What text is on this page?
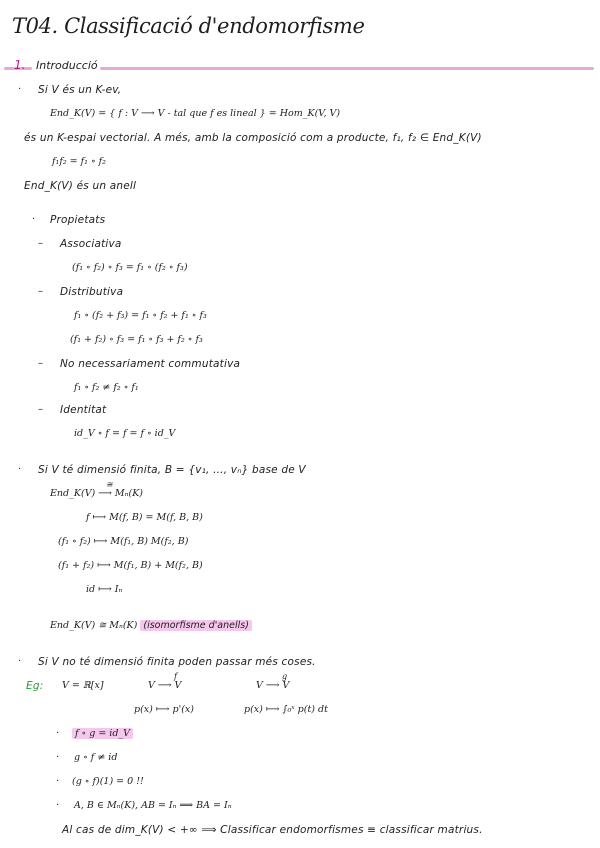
T04. Classificació d'endomorfisme
1. Introducció
· Si V és un K-ev,
End_K(V) = { f : V ⟶ V - tal que f es lineal } = Hom_K(V, V)
és un K-espai vectorial. A més, amb la composició com a producte, f₁, f₂ ∈ End_K(V)
f₁f₂ = f₁ ∘ f₂
End_K(V) és un anell
· Propietats
– Associativa
(f₁ ∘ f₂) ∘ f₃ = f₁ ∘ (f₂ ∘ f₃)
– Distributiva
f₁ ∘ (f₂ + f₃) = f₁ ∘ f₂ + f₁ ∘ f₃
(f₁ + f₂) ∘ f₃ = f₁ ∘ f₃ + f₂ ∘ f₃
– No necessariament commutativa
f₁ ∘ f₂ ≠ f₂ ∘ f₁
– Identitat
id_V ∘ f = f = f ∘ id_V
· Si V té dimensió finita, B = {v₁, ..., vₙ} base de V
End_K(V) ⟶ Mₙ(K)
≅
f ⟼ M(f, B) = M(f, B, B)
(f₁ ∘ f₂) ⟼ M(f₁, B) M(f₂, B)
(f₁ + f₂) ⟼ M(f₁, B) + M(f₂, B)
id ⟼ Iₙ
End_K(V) ≅ Mₙ(K) (isomorfisme d'anells)
· Si V no té dimensió finita poden passar més coses.
Eg: V = ℝ[x]	V ⟶ V
f
V ⟶ V
g
p(x) ⟼ p'(x)	p(x) ⟼ ∫₀ˣ p(t) dt
·	f ∘ g = id_V
· g ∘ f ≠ id
· (g ∘ f)(1) = 0 !!
· A, B ∈ Mₙ(K), AB = Iₙ ⟹ BA = Iₙ
Al cas de dim_K(V) < +∞ ⟹ Classificar endomorfismes ≡ classificar matrius.
